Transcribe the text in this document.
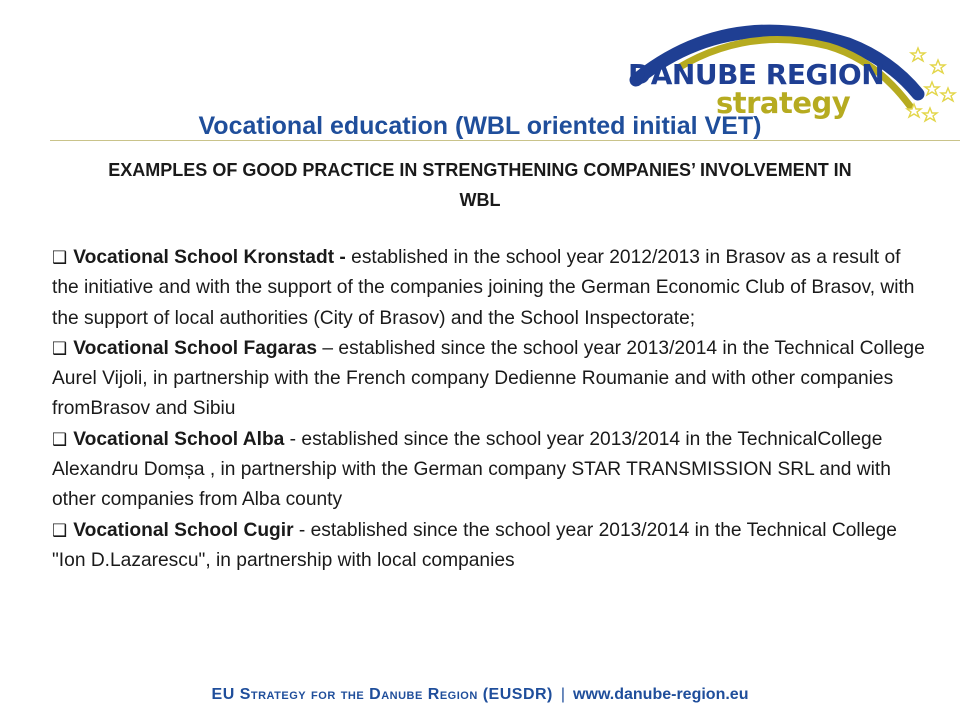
DANUBE REGION

strategy

Vocational education (WBL oriented initial VET)
EXAMPLES OF GOOD PRACTICE IN STRENGTHENING COMPANIES’ INVOLVEMENT IN WBL
❑ Vocational School Kronstadt - established in the school year 2012/2013 in Brasov as a result of the initiative and with the support of the companies joining the German Economic Club of Brasov, with the support of local authorities (City of Brasov) and the School Inspectorate;
❑ Vocational School Fagaras – established since the school year 2013/2014 in the Technical College Aurel Vijoli, in partnership with the French company Dedienne Roumanie and with other companies fromBrasov and Sibiu
❑ Vocational School Alba - established since the school year 2013/2014 in the TechnicalCollege Alexandru Domșa , in partnership with the German company STAR TRANSMISSION SRL and with other companies from Alba county
❑ Vocational School Cugir - established since the school year 2013/2014 in the Technical College "Ion D.Lazarescu", in partnership with local companies

EU Strategy for the Danube Region (EUSDR) | www.danube-region.eu
